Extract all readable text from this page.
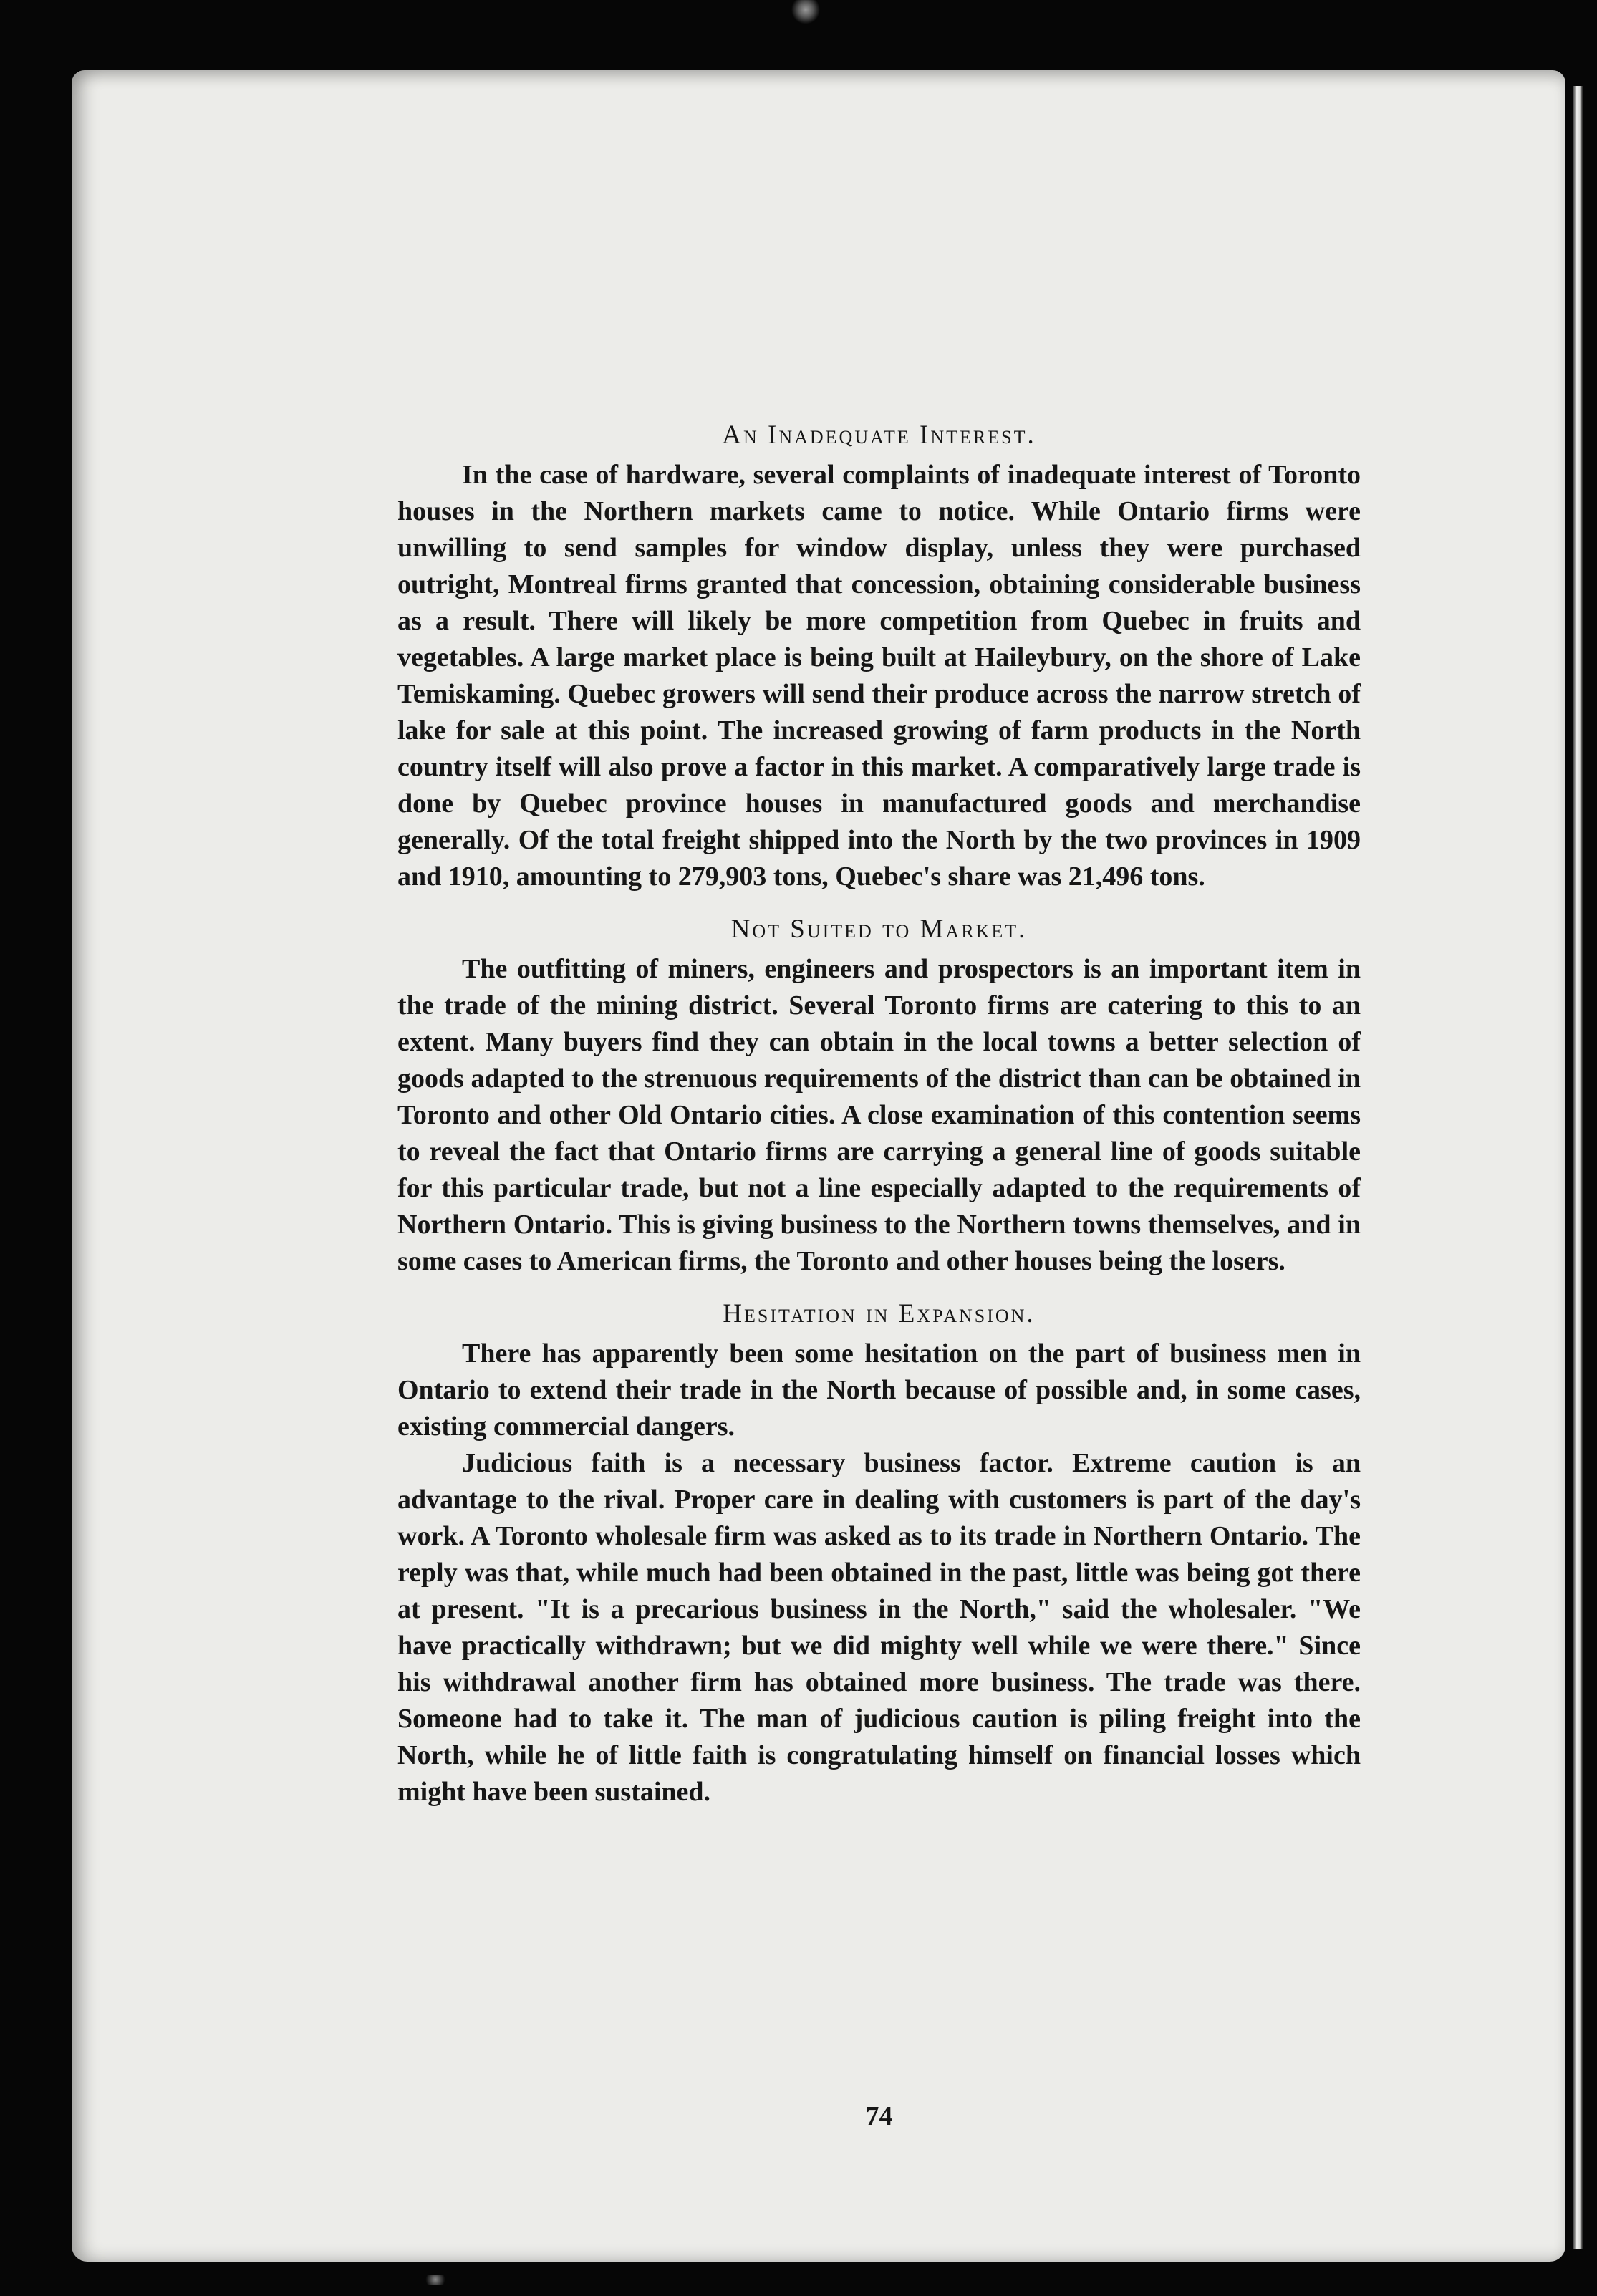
An Inadequate Interest.

In the case of hardware, several complaints of inadequate interest of Toronto houses in the Northern markets came to notice. While Ontario firms were unwilling to send samples for window display, unless they were purchased outright, Montreal firms granted that concession, obtaining considerable business as a result. There will likely be more competition from Quebec in fruits and vegetables. A large market place is being built at Haileybury, on the shore of Lake Temiskaming. Quebec growers will send their produce across the narrow stretch of lake for sale at this point. The increased growing of farm products in the North country itself will also prove a factor in this market. A comparatively large trade is done by Quebec province houses in manufactured goods and merchandise generally. Of the total freight shipped into the North by the two provinces in 1909 and 1910, amounting to 279,903 tons, Quebec's share was 21,496 tons.

Not Suited to Market.

The outfitting of miners, engineers and prospectors is an important item in the trade of the mining district. Several Toronto firms are catering to this to an extent. Many buyers find they can obtain in the local towns a better selection of goods adapted to the strenuous requirements of the district than can be obtained in Toronto and other Old Ontario cities. A close examination of this contention seems to reveal the fact that Ontario firms are carrying a general line of goods suitable for this particular trade, but not a line especially adapted to the requirements of Northern Ontario. This is giving business to the Northern towns themselves, and in some cases to American firms, the Toronto and other houses being the losers.

Hesitation in Expansion.

There has apparently been some hesitation on the part of business men in Ontario to extend their trade in the North because of possible and, in some cases, existing commercial dangers.

Judicious faith is a necessary business factor. Extreme caution is an advantage to the rival. Proper care in dealing with customers is part of the day's work. A Toronto wholesale firm was asked as to its trade in Northern Ontario. The reply was that, while much had been obtained in the past, little was being got there at present. "It is a precarious business in the North," said the wholesaler. "We have practically withdrawn; but we did mighty well while we were there." Since his withdrawal another firm has obtained more business. The trade was there. Someone had to take it. The man of judicious caution is piling freight into the North, while he of little faith is congratulating himself on financial losses which might have been sustained.

74
